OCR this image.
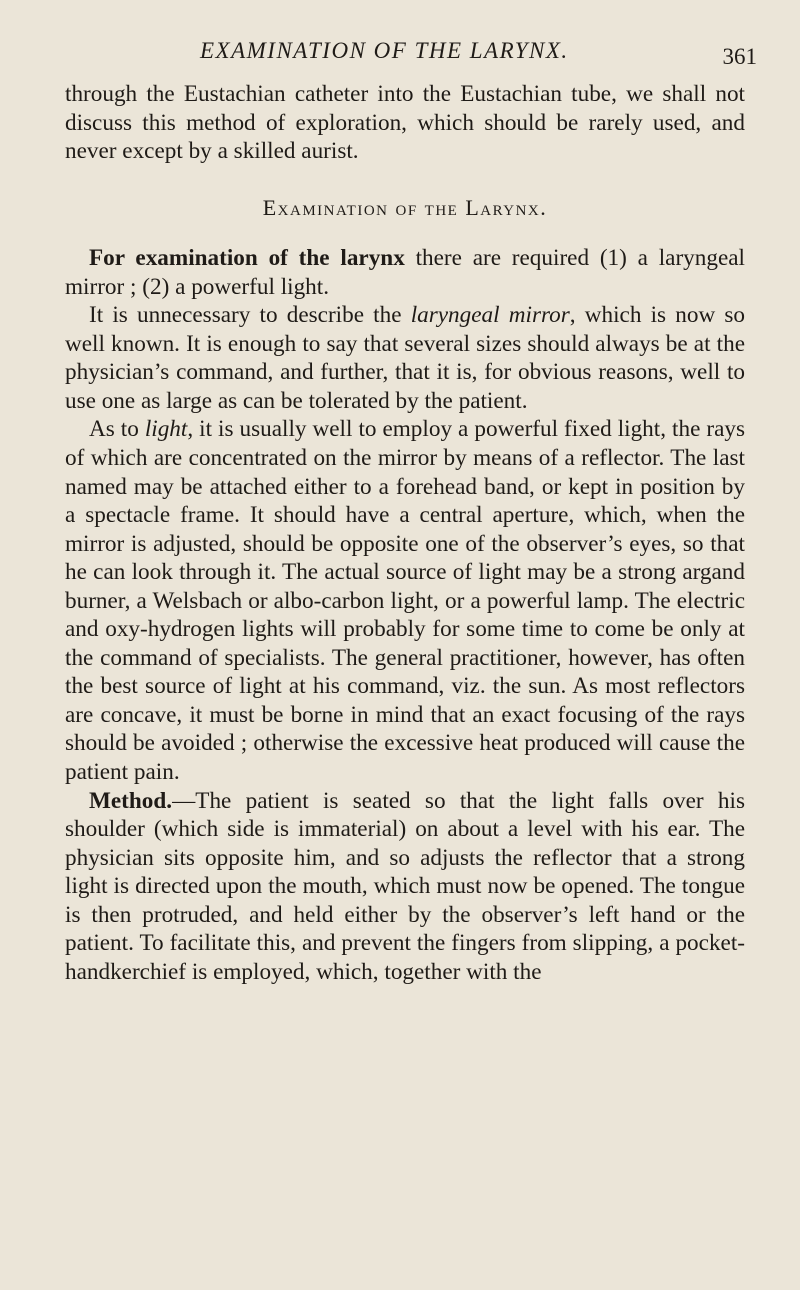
EXAMINATION OF THE LARYNX.	361

through the Eustachian catheter into the Eustachian tube, we shall not discuss this method of exploration, which should be rarely used, and never except by a skilled aurist.

Examination of the Larynx.

For examination of the larynx there are required (1) a laryngeal mirror ; (2) a powerful light.

It is unnecessary to describe the laryngeal mirror, which is now so well known. It is enough to say that several sizes should always be at the physician’s command, and further, that it is, for obvious reasons, well to use one as large as can be tolerated by the patient.

As to light, it is usually well to employ a powerful fixed light, the rays of which are concentrated on the mirror by means of a reflector. The last named may be attached either to a forehead band, or kept in position by a spectacle frame. It should have a central aperture, which, when the mirror is adjusted, should be opposite one of the observer’s eyes, so that he can look through it. The actual source of light may be a strong argand burner, a Welsbach or albo-carbon light, or a powerful lamp. The electric and oxy-hydrogen lights will probably for some time to come be only at the command of specialists. The general practitioner, however, has often the best source of light at his command, viz. the sun. As most reflectors are concave, it must be borne in mind that an exact focusing of the rays should be avoided ; otherwise the excessive heat produced will cause the patient pain.

Method.—The patient is seated so that the light falls over his shoulder (which side is immaterial) on about a level with his ear. The physician sits opposite him, and so adjusts the reflector that a strong light is directed upon the mouth, which must now be opened. The tongue is then protruded, and held either by the observer’s left hand or the patient. To facilitate this, and prevent the fingers from slipping, a pocket-handkerchief is employed, which, together with the
